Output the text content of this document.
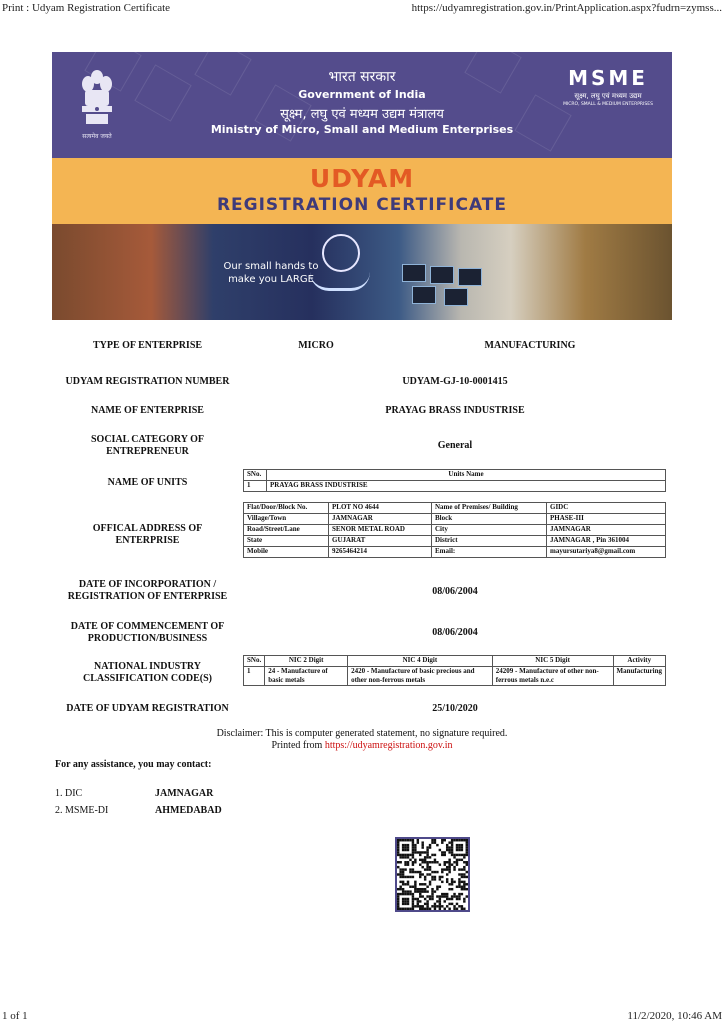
Print : Udyam Registration Certificate	https://udyamregistration.gov.in/PrintApplication.aspx?fudrn=zymss...
सत्यमेव जयते
भारत सरकार
Government of India
सूक्ष्म, लघु एवं मध्यम उद्यम मंत्रालय
Ministry of Micro, Small and Medium Enterprises
MSME
सूक्ष्म, लघु एवं मध्यम उद्यम
MICRO, SMALL & MEDIUM ENTERPRISES
UDYAM
REGISTRATION CERTIFICATE
Our small hands to make you LARGE
TYPE OF ENTERPRISE	MICRO	MANUFACTURING
UDYAM REGISTRATION NUMBER	UDYAM-GJ-10-0001415
NAME OF ENTERPRISE	PRAYAG BRASS INDUSTRISE
SOCIAL CATEGORY OF ENTREPRENEUR
General
NAME OF UNITS
SNo.	Units Name
1	PRAYAG BRASS INDUSTRISE
OFFICAL ADDRESS OF ENTERPRISE
Flat/Door/Block No.	PLOT NO 4644	Name of Premises/ Building	GIDC
Village/Town	JAMNAGAR	Block	PHASE-III
Road/Street/Lane	SENOR METAL ROAD	City	JAMNAGAR
State	GUJARAT	District	JAMNAGAR , Pin 361004
Mobile	9265464214	Email:	mayursutariya8@gmail.com
DATE OF INCORPORATION / REGISTRATION OF ENTERPRISE	08/06/2004
DATE OF COMMENCEMENT OF PRODUCTION/BUSINESS
08/06/2004
NATIONAL INDUSTRY CLASSIFICATION CODE(S)
SNo.	NIC 2 Digit	NIC 4 Digit	NIC 5 Digit	Activity
1	24 - Manufacture of basic metals	2420 - Manufacture of basic precious and other non-ferrous metals	24209 - Manufacture of other non-ferrous metals n.e.c	Manufacturing
DATE OF UDYAM REGISTRATION	25/10/2020
Disclaimer: This is computer generated statement, no signature required.
Printed from https://udyamregistration.gov.in
For any assistance, you may contact:
1. DIC	JAMNAGAR
2. MSME-DI	AHMEDABAD
1 of 1	11/2/2020, 10:46 AM
